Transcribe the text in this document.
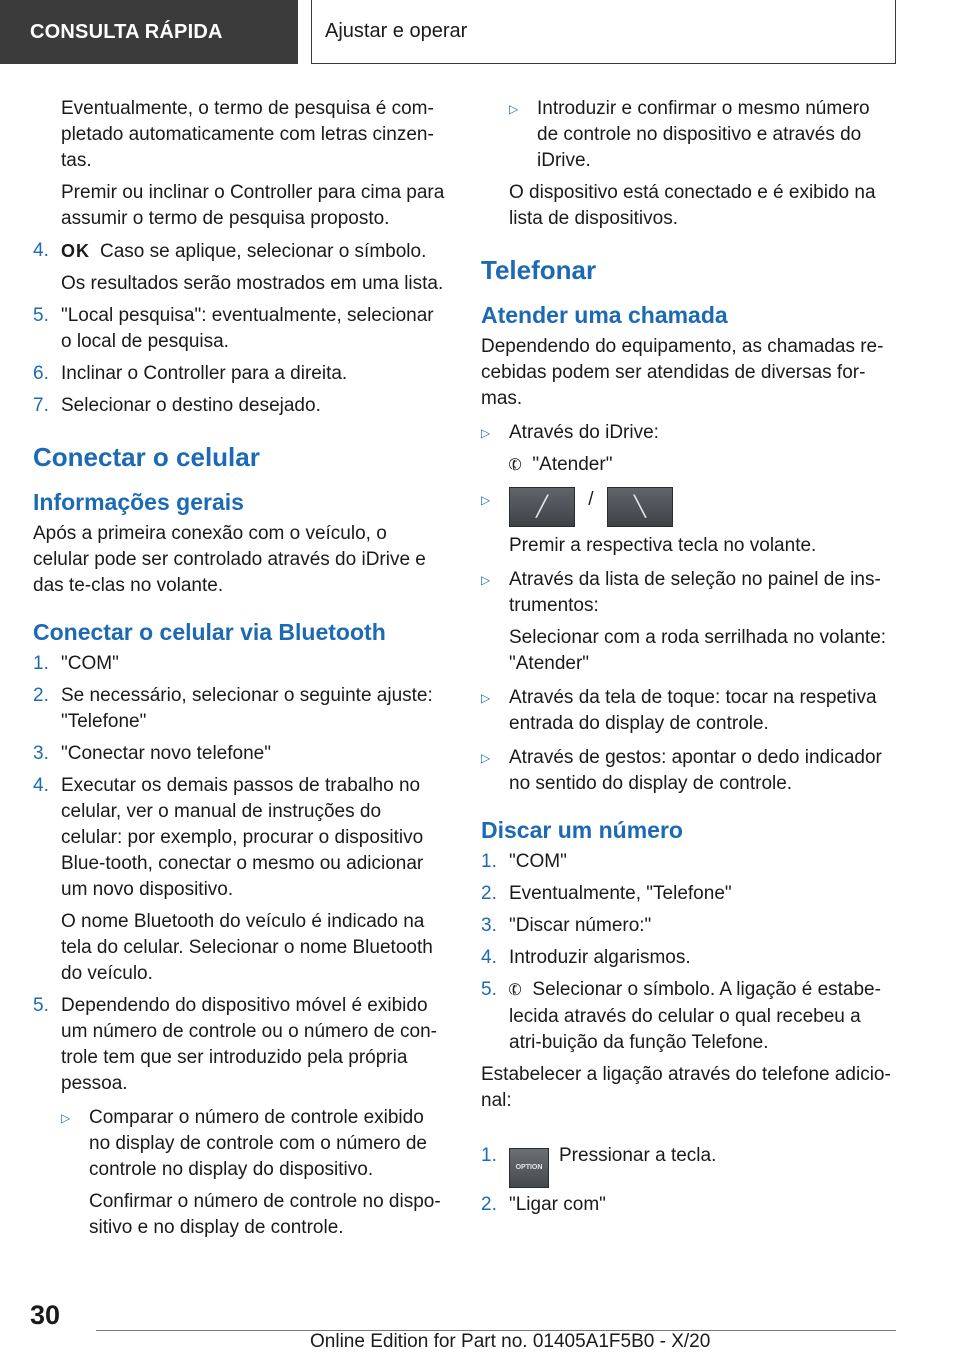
CONSULTA RÁPIDA	Ajustar e operar

Eventualmente, o termo de pesquisa é com-pletado automaticamente com letras cinzen-tas.

Premir ou inclinar o Controller para cima para assumir o termo de pesquisa proposto.

4. OK Caso se aplique, selecionar o símbolo.

Os resultados serão mostrados em uma lista.

5. "Local pesquisa": eventualmente, selecionar o local de pesquisa.
6. Inclinar o Controller para a direita.
7. Selecionar o destino desejado.
Conectar o celular
Informações gerais

Após a primeira conexão com o veículo, o celular pode ser controlado através do iDrive e das te-clas no volante.

Conectar o celular via Bluetooth
1. "COM"
2. Se necessário, selecionar o seguinte ajuste: "Telefone"
3. "Conectar novo telefone"
4. Executar os demais passos de trabalho no celular, ver o manual de instruções do celular: por exemplo, procurar o dispositivo Blue-tooth, conectar o mesmo ou adicionar um novo dispositivo.

O nome Bluetooth do veículo é indicado na tela do celular. Selecionar o nome Bluetooth do veículo.

5. Dependendo do dispositivo móvel é exibido um número de controle ou o número de con-trole tem que ser introduzido pela própria pessoa.
▷ Comparar o número de controle exibido no display de controle com o número de controle no display do dispositivo.

Confirmar o número de controle no dispo-sitivo e no display de controle.

▷ Introduzir e confirmar o mesmo número de controle no dispositivo e através do iDrive.

O dispositivo está conectado e é exibido na lista de dispositivos.

Telefonar
Atender uma chamada

Dependendo do equipamento, as chamadas re-cebidas podem ser atendidas de diversas for-mas.

▷ Através do iDrive:

✆ "Atender"

▷	╱ / ╲

Premir a respectiva tecla no volante.

▷ Através da lista de seleção no painel de ins-trumentos:

Selecionar com a roda serrilhada no volante: "Atender"

▷ Através da tela de toque: tocar na respetiva entrada do display de controle.
▷ Através de gestos: apontar o dedo indicador no sentido do display de controle.
Discar um número
1. "COM"
2. Eventualmente, "Telefone"
3. "Discar número:"
4. Introduzir algarismos.
5. ✆ Selecionar o símbolo. A ligação é estabe-lecida através do celular o qual recebeu a atri-buição da função Telefone.

Estabelecer a ligação através do telefone adicio-nal:

1.
OPTIONPressionar a tecla.
2. "Ligar com"
30
Online Edition for Part no. 01405A1F5B0 - X/20
